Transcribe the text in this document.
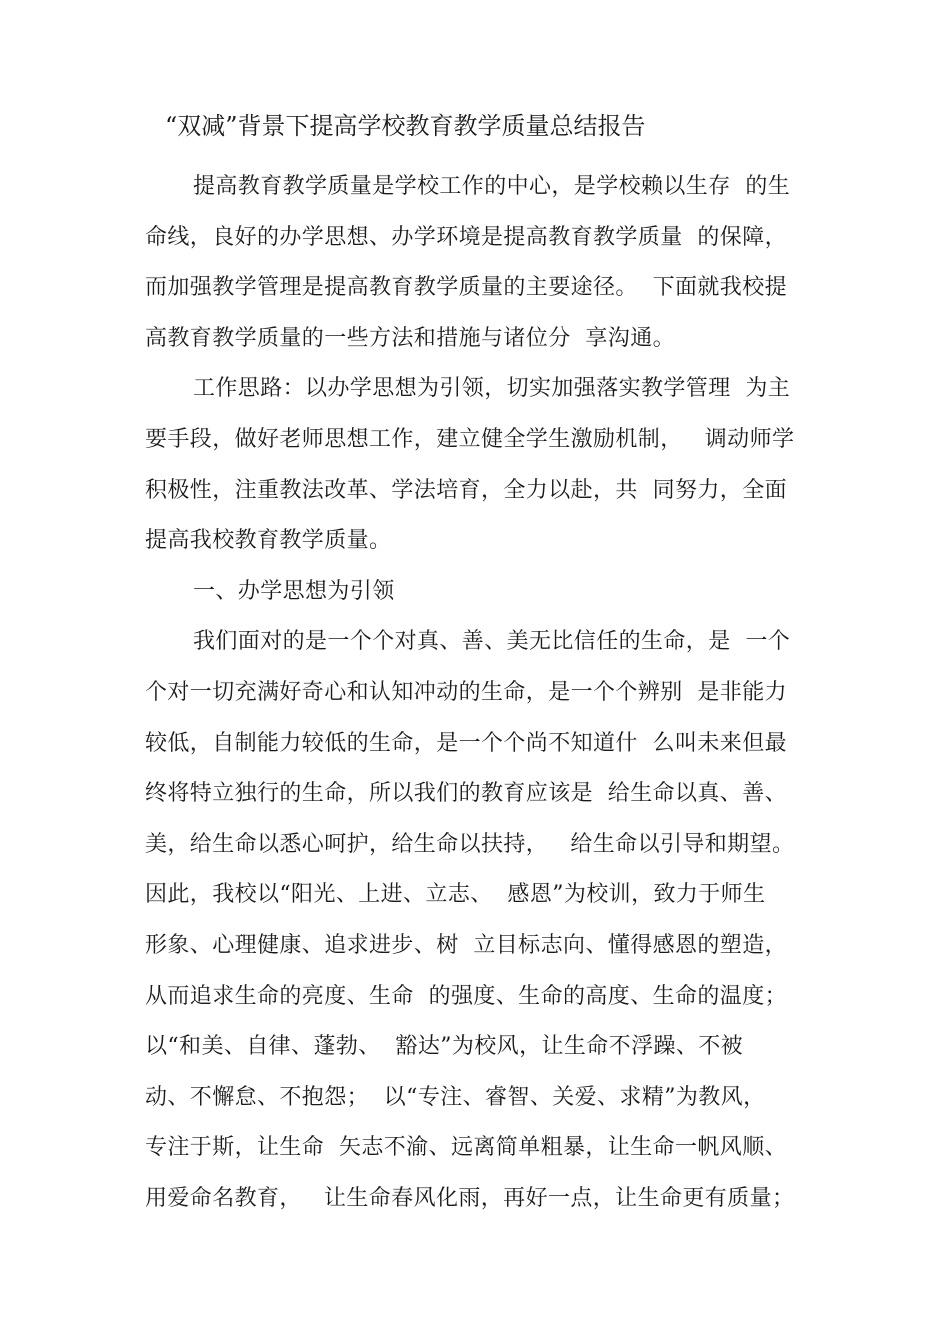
“双减”背景下提高学校教育教学质量总结报告
提高教育教学质量是学校工作的中心，是学校赖以生存  的生
命线，良好的办学思想、办学环境是提高教育教学质量  的保障，
而加强教学管理是提高教育教学质量的主要途径。  下面就我校提
高教育教学质量的一些方法和措施与诸位分  享沟通。
工作思路：以办学思想为引领，切实加强落实教学管理  为主
要手段，做好老师思想工作，建立健全学生激励机制，   调动师学
积极性，注重教法改革、学法培育，全力以赴，共  同努力，全面
提高我校教育教学质量。
一、办学思想为引领
我们面对的是一个个对真、善、美无比信任的生命，是  一个
个对一切充满好奇心和认知冲动的生命，是一个个辨别  是非能力
较低，自制能力较低的生命，是一个个尚不知道什  么叫未来但最
终将特立独行的生命，所以我们的教育应该是  给生命以真、善、
美，给生命以悉心呵护，给生命以扶持，   给生命以引导和期望。
因此，我校以“阳光、上进、立志、  感恩”为校训，致力于师生
形象、心理健康、追求进步、树  立目标志向、懂得感恩的塑造，
从而追求生命的亮度、生命  的强度、生命的高度、生命的温度；
以“和美、自律、蓬勃、  豁达”为校风，让生命不浮躁、不被
动、不懈怠、不抱怨；  以“专注、睿智、关爱、求精”为教风，
专注于斯，让生命  矢志不渝、远离简单粗暴，让生命一帆风顺、
用爱命名教育，   让生命春风化雨，再好一点，让生命更有质量；
